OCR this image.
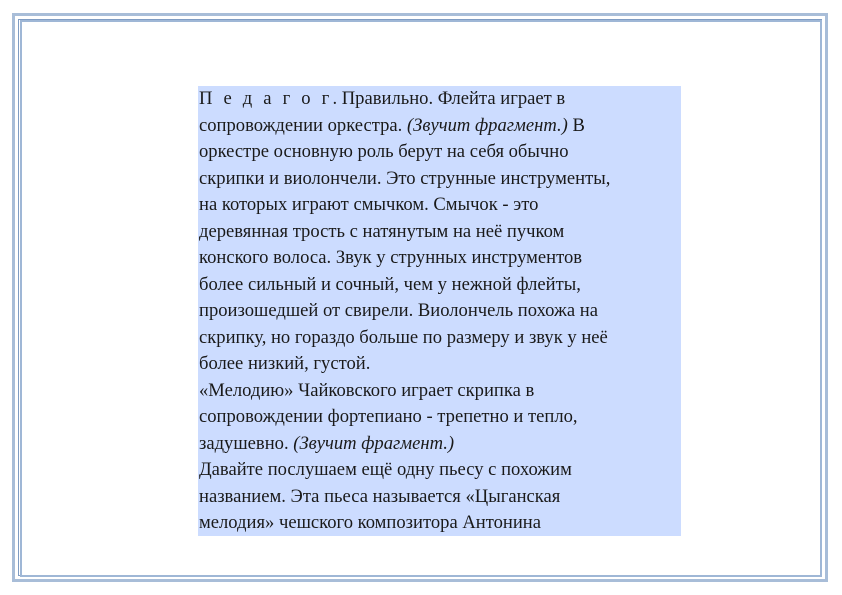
П е д а г о г. Правильно. Флейта играет в
сопровождении оркестра. (Звучит фрагмент.) В
оркестре основную роль берут на себя обычно
скрипки и виолончели. Это струнные инструменты,
на которых играют смычком. Смычок - это
деревянная трость с натянутым на неё пучком
конского волоса. Звук у струнных инструментов
более сильный и сочный, чем у нежной флейты,
произошедшей от свирели. Виолончель похожа на
скрипку, но гораздо больше по размеру и звук у неё
более низкий, густой.
«Мелодию» Чайковского играет скрипка в
сопровождении фортепиано - трепетно и тепло,
задушевно. (Звучит фрагмент.)
Давайте послушаем ещё одну пьесу с похожим
названием. Эта пьеса называется «Цыганская
мелодия» чешского композитора Антонина
